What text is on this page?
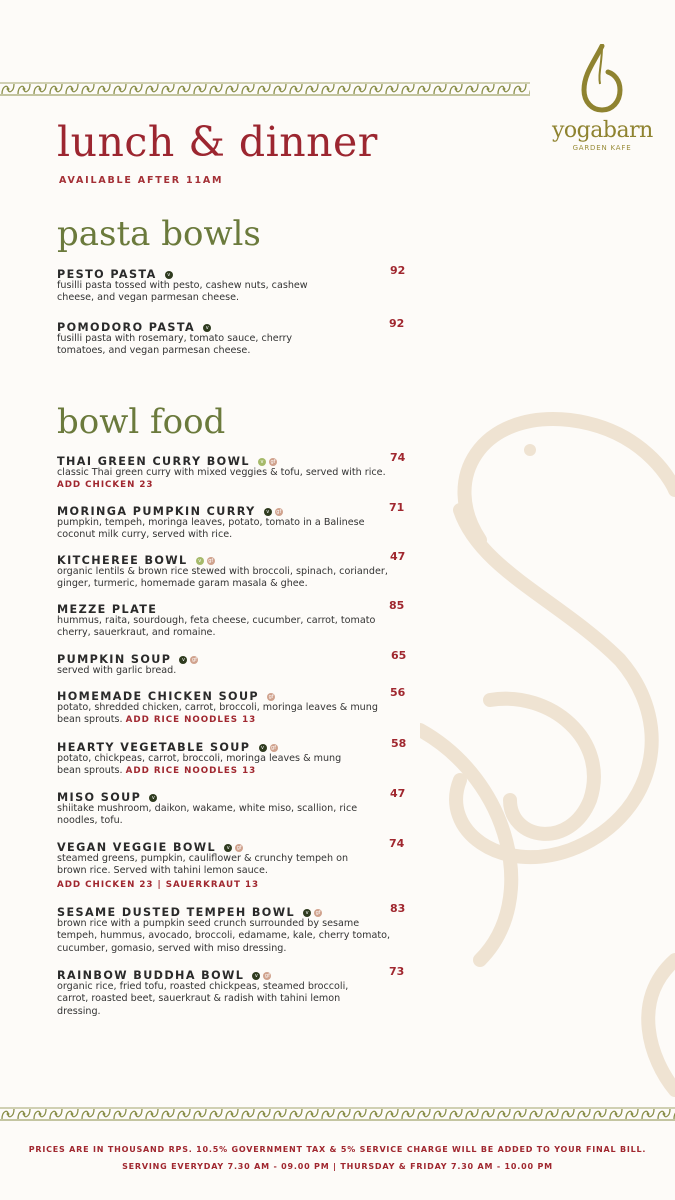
yogabarn
GARDEN KAFE
lunch & dinner
AVAILABLE AFTER 11AM
pasta bowls
PESTO PASTA v	92
fusilli pasta tossed with pesto, cashew nuts, cashew cheese, and vegan parmesan cheese.
POMODORO PASTA v	92
fusilli pasta with rosemary, tomato sauce, cherry tomatoes, and vegan parmesan cheese.
bowl food
THAI GREEN CURRY BOWL v gf	74
classic Thai green curry with mixed veggies & tofu, served with rice. ADD CHICKEN 23
MORINGA PUMPKIN CURRY v gf	71
pumpkin, tempeh, moringa leaves, potato, tomato in a Balinese coconut milk curry, served with rice.
KITCHEREE BOWL v gf	47
organic lentils & brown rice stewed with broccoli, spinach, coriander, ginger, turmeric, homemade garam masala & ghee.
MEZZE PLATE	85
hummus, raita, sourdough, feta cheese, cucumber, carrot, tomato cherry, sauerkraut, and romaine.
PUMPKIN SOUP v gf	65
served with garlic bread.
HOMEMADE CHICKEN SOUP gf	56
potato, shredded chicken, carrot, broccoli, moringa leaves & mung bean sprouts. ADD RICE NOODLES 13
HEARTY VEGETABLE SOUP v gf	58
potato, chickpeas, carrot, broccoli, moringa leaves & mung bean sprouts. ADD RICE NOODLES 13
MISO SOUP v	47
shiitake mushroom, daikon, wakame, white miso, scallion, rice noodles, tofu.
VEGAN VEGGIE BOWL v gf	74
steamed greens, pumpkin, cauliflower & crunchy tempeh on brown rice. Served with tahini lemon sauce.
ADD CHICKEN 23 | SAUERKRAUT 13
SESAME DUSTED TEMPEH BOWL v gf	83
brown rice with a pumpkin seed crunch surrounded by sesame tempeh, hummus, avocado, broccoli, edamame, kale, cherry tomato, cucumber, gomasio, served with miso dressing.
RAINBOW BUDDHA BOWL v gf	73
organic rice, fried tofu, roasted chickpeas, steamed broccoli, carrot, roasted beet, sauerkraut & radish with tahini lemon dressing.
PRICES ARE IN THOUSAND RPS. 10.5% GOVERNMENT TAX & 5% SERVICE CHARGE WILL BE ADDED TO YOUR FINAL BILL.
SERVING EVERYDAY 7.30 AM - 09.00 PM | THURSDAY & FRIDAY 7.30 AM - 10.00 PM
